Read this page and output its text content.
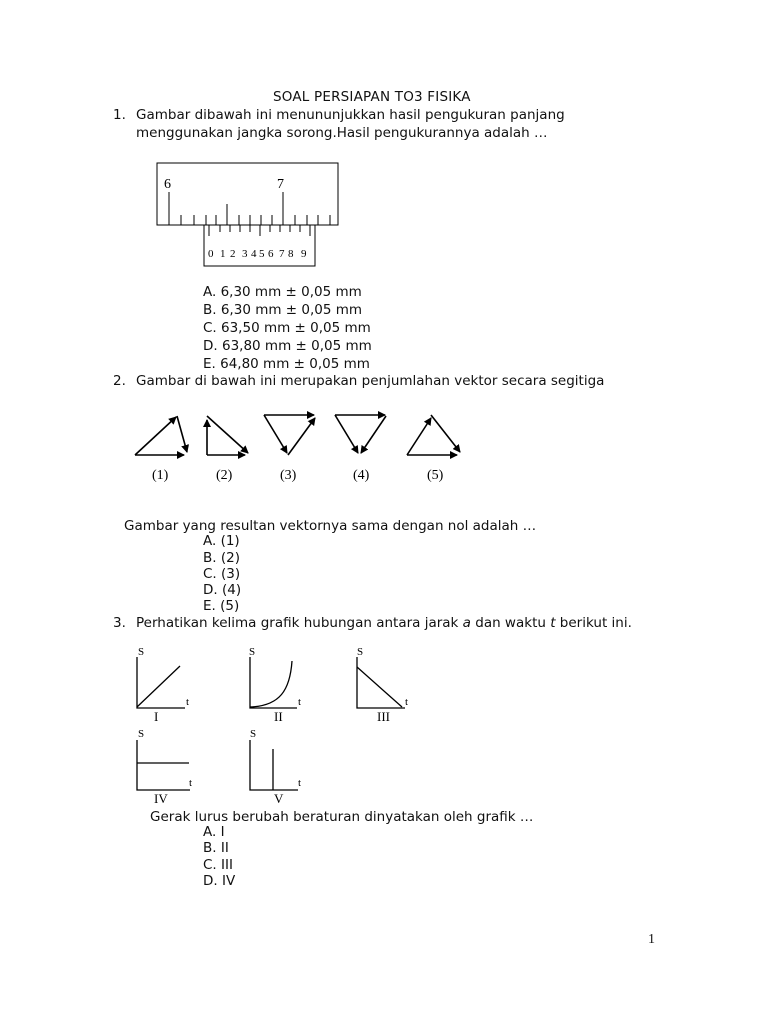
SOAL PERSIAPAN TO3 FISIKA
1. Gambar dibawah ini menununjukkan hasil pengukuran panjang
menggunakan jangka sorong.Hasil pengukurannya adalah …
6	7
0 1 2 3 4 5 6 7 8 9
A. 6,30 mm ± 0,05 mm
B. 6,30 mm ± 0,05 mm
C. 63,50 mm ± 0,05 mm
D. 63,80 mm ± 0,05 mm
E. 64,80 mm ± 0,05 mm
2. Gambar di bawah ini merupakan penjumlahan vektor secara segitiga
(1)	(2)	(3)	(4)	(5)
Gambar yang resultan vektornya sama dengan nol adalah …
A. (1)
B. (2)
C. (3)
D. (4)
E. (5)
3. Perhatikan kelima grafik hubungan antara jarak a dan waktu t berikut ini.
S
t
S
t
S
t
S
t
S
t
I	II	III
IV	V
Gerak lurus berubah beraturan dinyatakan oleh grafik …
A. I
B. II
C. III
D. IV
1
